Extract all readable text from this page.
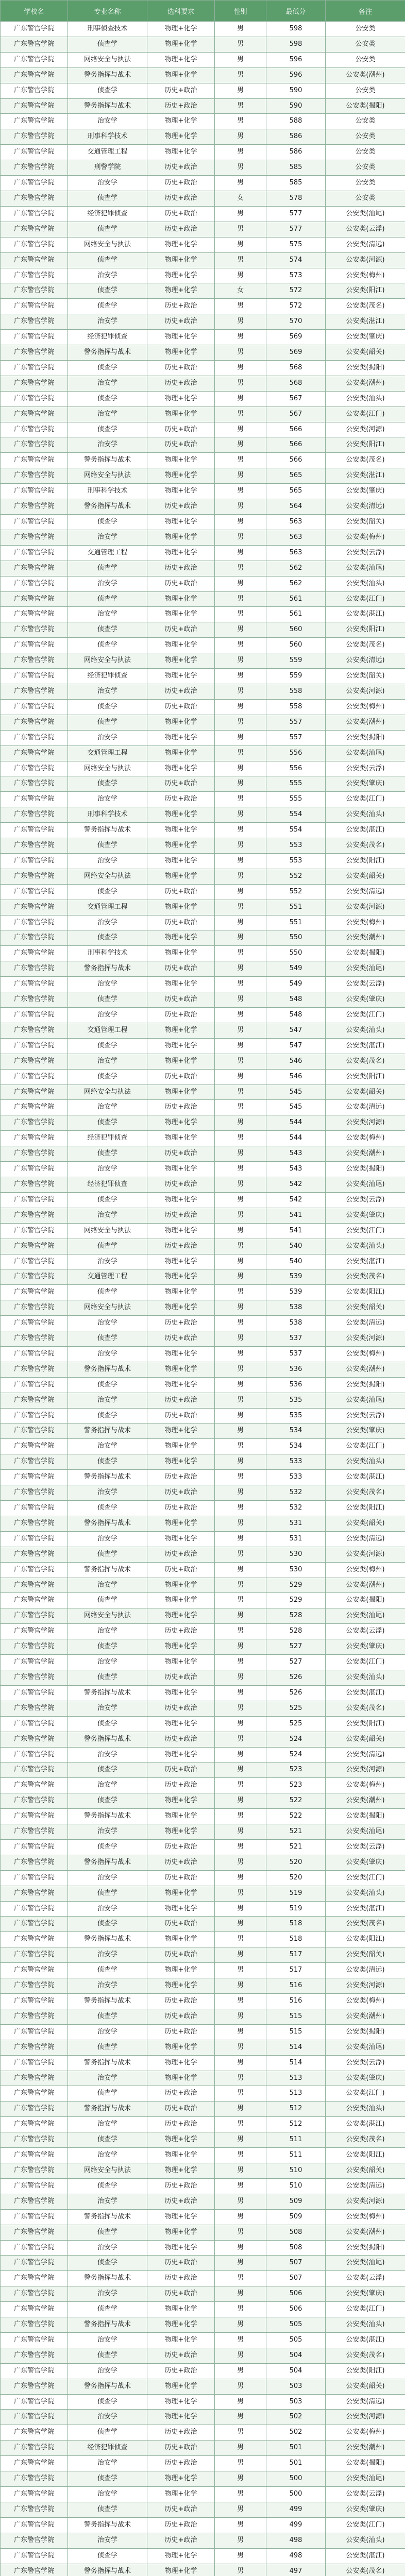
学校名	专业名称	选科要求	性别	最低分	备注
广东警官学院	刑事侦查技术	物理+化学	男	598	公安类
广东警官学院	侦查学	物理+化学	男	598	公安类
广东警官学院	网络安全与执法	物理+化学	男	596	公安类
广东警官学院	警务指挥与战术	物理+化学	男	596	公安类(潮州)
广东警官学院	侦查学	历史+政治	男	590	公安类
广东警官学院	警务指挥与战术	历史+政治	男	590	公安类(揭阳)
广东警官学院	治安学	物理+化学	男	588	公安类
广东警官学院	刑事科学技术	物理+化学	男	586	公安类
广东警官学院	交通管理工程	物理+化学	男	586	公安类
广东警官学院	刑警学院	历史+政治	男	585	公安类
广东警官学院	治安学	历史+政治	男	585	公安类
广东警官学院	侦查学	历史+政治	女	578	公安类
广东警官学院	经济犯罪侦查	历史+政治	男	577	公安类(汕尾)
广东警官学院	侦查学	历史+政治	男	577	公安类(云浮)
广东警官学院	网络安全与执法	物理+化学	男	575	公安类(清远)
广东警官学院	侦查学	物理+化学	男	574	公安类(河源)
广东警官学院	治安学	物理+化学	男	573	公安类(梅州)
广东警官学院	侦查学	物理+化学	女	572	公安类(阳江)
广东警官学院	侦查学	历史+政治	男	572	公安类(茂名)
广东警官学院	治安学	历史+政治	男	570	公安类(湛江)
广东警官学院	经济犯罪侦查	物理+化学	男	569	公安类(肇庆)
广东警官学院	警务指挥与战术	物理+化学	男	569	公安类(韶关)
广东警官学院	侦查学	历史+政治	男	568	公安类(揭阳)
广东警官学院	治安学	历史+政治	男	568	公安类(潮州)
广东警官学院	侦查学	物理+化学	男	567	公安类(汕头)
广东警官学院	治安学	物理+化学	男	567	公安类(江门)
广东警官学院	侦查学	历史+政治	男	566	公安类(河源)
广东警官学院	治安学	历史+政治	男	566	公安类(阳江)
广东警官学院	警务指挥与战术	物理+化学	男	566	公安类(茂名)
广东警官学院	网络安全与执法	物理+化学	男	565	公安类(湛江)
广东警官学院	刑事科学技术	物理+化学	男	565	公安类(肇庆)
广东警官学院	警务指挥与战术	历史+政治	男	564	公安类(清远)
广东警官学院	侦查学	物理+化学	男	563	公安类(韶关)
广东警官学院	治安学	物理+化学	男	563	公安类(梅州)
广东警官学院	交通管理工程	物理+化学	男	563	公安类(云浮)
广东警官学院	侦查学	历史+政治	男	562	公安类(汕尾)
广东警官学院	治安学	历史+政治	男	562	公安类(汕头)
广东警官学院	侦查学	物理+化学	男	561	公安类(江门)
广东警官学院	治安学	物理+化学	男	561	公安类(湛江)
广东警官学院	侦查学	历史+政治	男	560	公安类(阳江)
广东警官学院	侦查学	物理+化学	男	560	公安类(茂名)
广东警官学院	网络安全与执法	物理+化学	男	559	公安类(清远)
广东警官学院	经济犯罪侦查	物理+化学	男	559	公安类(韶关)
广东警官学院	治安学	历史+政治	男	558	公安类(河源)
广东警官学院	侦查学	历史+政治	男	558	公安类(梅州)
广东警官学院	侦查学	物理+化学	男	557	公安类(潮州)
广东警官学院	治安学	物理+化学	男	557	公安类(揭阳)
广东警官学院	交通管理工程	物理+化学	男	556	公安类(汕尾)
广东警官学院	网络安全与执法	物理+化学	男	556	公安类(云浮)
广东警官学院	侦查学	历史+政治	男	555	公安类(肇庆)
广东警官学院	治安学	历史+政治	男	555	公安类(江门)
广东警官学院	刑事科学技术	物理+化学	男	554	公安类(汕头)
广东警官学院	警务指挥与战术	物理+化学	男	554	公安类(湛江)
广东警官学院	侦查学	物理+化学	男	553	公安类(茂名)
广东警官学院	治安学	物理+化学	男	553	公安类(阳江)
广东警官学院	网络安全与执法	物理+化学	男	552	公安类(韶关)
广东警官学院	侦查学	历史+政治	男	552	公安类(清远)
广东警官学院	交通管理工程	物理+化学	男	551	公安类(河源)
广东警官学院	治安学	历史+政治	男	551	公安类(梅州)
广东警官学院	侦查学	物理+化学	男	550	公安类(潮州)
广东警官学院	刑事科学技术	物理+化学	男	550	公安类(揭阳)
广东警官学院	警务指挥与战术	历史+政治	男	549	公安类(汕尾)
广东警官学院	治安学	物理+化学	男	549	公安类(云浮)
广东警官学院	侦查学	历史+政治	男	548	公安类(肇庆)
广东警官学院	治安学	历史+政治	男	548	公安类(江门)
广东警官学院	交通管理工程	物理+化学	男	547	公安类(汕头)
广东警官学院	侦查学	物理+化学	男	547	公安类(湛江)
广东警官学院	治安学	物理+化学	男	546	公安类(茂名)
广东警官学院	侦查学	历史+政治	男	546	公安类(阳江)
广东警官学院	网络安全与执法	物理+化学	男	545	公安类(韶关)
广东警官学院	治安学	历史+政治	男	545	公安类(清远)
广东警官学院	侦查学	物理+化学	男	544	公安类(河源)
广东警官学院	经济犯罪侦查	物理+化学	男	544	公安类(梅州)
广东警官学院	侦查学	历史+政治	男	543	公安类(潮州)
广东警官学院	治安学	物理+化学	男	543	公安类(揭阳)
广东警官学院	经济犯罪侦查	历史+政治	男	542	公安类(汕尾)
广东警官学院	侦查学	物理+化学	男	542	公安类(云浮)
广东警官学院	治安学	历史+政治	男	541	公安类(肇庆)
广东警官学院	网络安全与执法	物理+化学	男	541	公安类(江门)
广东警官学院	侦查学	历史+政治	男	540	公安类(汕头)
广东警官学院	治安学	物理+化学	男	540	公安类(湛江)
广东警官学院	交通管理工程	物理+化学	男	539	公安类(茂名)
广东警官学院	侦查学	物理+化学	男	539	公安类(阳江)
广东警官学院	网络安全与执法	物理+化学	男	538	公安类(韶关)
广东警官学院	治安学	历史+政治	男	538	公安类(清远)
广东警官学院	侦查学	历史+政治	男	537	公安类(河源)
广东警官学院	治安学	物理+化学	男	537	公安类(梅州)
广东警官学院	警务指挥与战术	物理+化学	男	536	公安类(潮州)
广东警官学院	侦查学	物理+化学	男	536	公安类(揭阳)
广东警官学院	治安学	历史+政治	男	535	公安类(汕尾)
广东警官学院	侦查学	历史+政治	男	535	公安类(云浮)
广东警官学院	警务指挥与战术	物理+化学	男	534	公安类(肇庆)
广东警官学院	治安学	物理+化学	男	534	公安类(江门)
广东警官学院	侦查学	物理+化学	男	533	公安类(汕头)
广东警官学院	警务指挥与战术	历史+政治	男	533	公安类(湛江)
广东警官学院	治安学	历史+政治	男	532	公安类(茂名)
广东警官学院	侦查学	历史+政治	男	532	公安类(阳江)
广东警官学院	警务指挥与战术	物理+化学	男	531	公安类(韶关)
广东警官学院	治安学	物理+化学	男	531	公安类(清远)
广东警官学院	侦查学	历史+政治	男	530	公安类(河源)
广东警官学院	警务指挥与战术	历史+政治	男	530	公安类(梅州)
广东警官学院	治安学	物理+化学	男	529	公安类(潮州)
广东警官学院	侦查学	物理+化学	男	529	公安类(揭阳)
广东警官学院	网络安全与执法	物理+化学	男	528	公安类(汕尾)
广东警官学院	治安学	历史+政治	男	528	公安类(云浮)
广东警官学院	侦查学	物理+化学	男	527	公安类(肇庆)
广东警官学院	治安学	物理+化学	男	527	公安类(江门)
广东警官学院	侦查学	历史+政治	男	526	公安类(汕头)
广东警官学院	警务指挥与战术	物理+化学	男	526	公安类(湛江)
广东警官学院	治安学	历史+政治	男	525	公安类(茂名)
广东警官学院	侦查学	物理+化学	男	525	公安类(阳江)
广东警官学院	警务指挥与战术	历史+政治	男	524	公安类(韶关)
广东警官学院	治安学	物理+化学	男	524	公安类(清远)
广东警官学院	侦查学	历史+政治	男	523	公安类(河源)
广东警官学院	治安学	历史+政治	男	523	公安类(梅州)
广东警官学院	侦查学	物理+化学	男	522	公安类(潮州)
广东警官学院	警务指挥与战术	物理+化学	男	522	公安类(揭阳)
广东警官学院	治安学	物理+化学	男	521	公安类(汕尾)
广东警官学院	侦查学	历史+政治	男	521	公安类(云浮)
广东警官学院	警务指挥与战术	历史+政治	男	520	公安类(肇庆)
广东警官学院	治安学	历史+政治	男	520	公安类(江门)
广东警官学院	侦查学	物理+化学	男	519	公安类(汕头)
广东警官学院	治安学	物理+化学	男	519	公安类(湛江)
广东警官学院	侦查学	历史+政治	男	518	公安类(茂名)
广东警官学院	警务指挥与战术	物理+化学	男	518	公安类(阳江)
广东警官学院	治安学	历史+政治	男	517	公安类(韶关)
广东警官学院	侦查学	物理+化学	男	517	公安类(清远)
广东警官学院	治安学	物理+化学	男	516	公安类(河源)
广东警官学院	警务指挥与战术	历史+政治	男	516	公安类(梅州)
广东警官学院	侦查学	历史+政治	男	515	公安类(潮州)
广东警官学院	治安学	历史+政治	男	515	公安类(揭阳)
广东警官学院	侦查学	物理+化学	男	514	公安类(汕尾)
广东警官学院	警务指挥与战术	物理+化学	男	514	公安类(云浮)
广东警官学院	治安学	物理+化学	男	513	公安类(肇庆)
广东警官学院	侦查学	历史+政治	男	513	公安类(江门)
广东警官学院	警务指挥与战术	历史+政治	男	512	公安类(汕头)
广东警官学院	治安学	历史+政治	男	512	公安类(湛江)
广东警官学院	侦查学	物理+化学	男	511	公安类(茂名)
广东警官学院	治安学	物理+化学	男	511	公安类(阳江)
广东警官学院	网络安全与执法	物理+化学	男	510	公安类(韶关)
广东警官学院	侦查学	历史+政治	男	510	公安类(清远)
广东警官学院	治安学	历史+政治	男	509	公安类(河源)
广东警官学院	警务指挥与战术	物理+化学	男	509	公安类(梅州)
广东警官学院	侦查学	物理+化学	男	508	公安类(潮州)
广东警官学院	治安学	物理+化学	男	508	公安类(揭阳)
广东警官学院	侦查学	历史+政治	男	507	公安类(汕尾)
广东警官学院	警务指挥与战术	历史+政治	男	507	公安类(云浮)
广东警官学院	治安学	历史+政治	男	506	公安类(肇庆)
广东警官学院	侦查学	物理+化学	男	506	公安类(江门)
广东警官学院	警务指挥与战术	物理+化学	男	505	公安类(汕头)
广东警官学院	治安学	物理+化学	男	505	公安类(湛江)
广东警官学院	侦查学	历史+政治	男	504	公安类(茂名)
广东警官学院	治安学	历史+政治	男	504	公安类(阳江)
广东警官学院	警务指挥与战术	物理+化学	男	503	公安类(韶关)
广东警官学院	侦查学	物理+化学	男	503	公安类(清远)
广东警官学院	治安学	物理+化学	男	502	公安类(河源)
广东警官学院	侦查学	历史+政治	男	502	公安类(梅州)
广东警官学院	经济犯罪侦查	历史+政治	男	501	公安类(潮州)
广东警官学院	治安学	历史+政治	男	501	公安类(揭阳)
广东警官学院	侦查学	物理+化学	男	500	公安类(汕尾)
广东警官学院	治安学	物理+化学	男	500	公安类(云浮)
广东警官学院	侦查学	历史+政治	男	499	公安类(肇庆)
广东警官学院	警务指挥与战术	历史+政治	男	499	公安类(江门)
广东警官学院	治安学	历史+政治	男	498	公安类(汕头)
广东警官学院	侦查学	物理+化学	男	498	公安类(湛江)
广东警官学院	警务指挥与战术	物理+化学	男	497	公安类(茂名)
